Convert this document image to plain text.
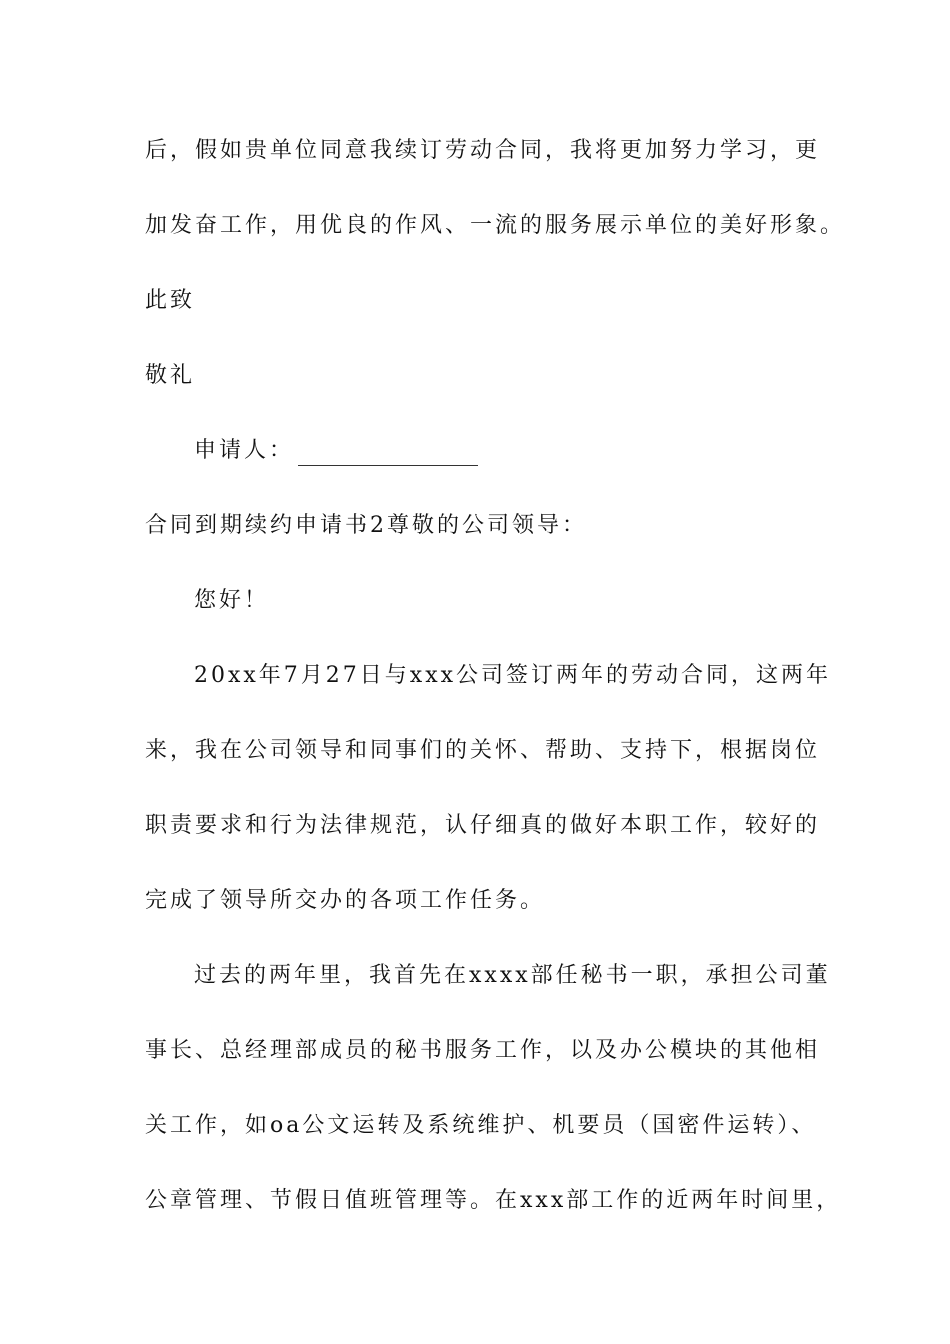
后，假如贵单位同意我续订劳动合同，我将更加努力学习，更
加发奋工作，用优良的作风、一流的服务展示单位的美好形象。
此致
敬礼
申请人：
合同到期续约申请书2尊敬的公司领导：
您好！
20xx年7月27日与xxx公司签订两年的劳动合同，这两年
来，我在公司领导和同事们的关怀、帮助、支持下，根据岗位
职责要求和行为法律规范，认仔细真的做好本职工作，较好的
完成了领导所交办的各项工作任务。
过去的两年里，我首先在xxxx部任秘书一职，承担公司董
事长、总经理部成员的秘书服务工作，以及办公模块的其他相
关工作，如oa公文运转及系统维护、机要员（国密件运转）、
公章管理、节假日值班管理等。在xxx部工作的近两年时间里，
